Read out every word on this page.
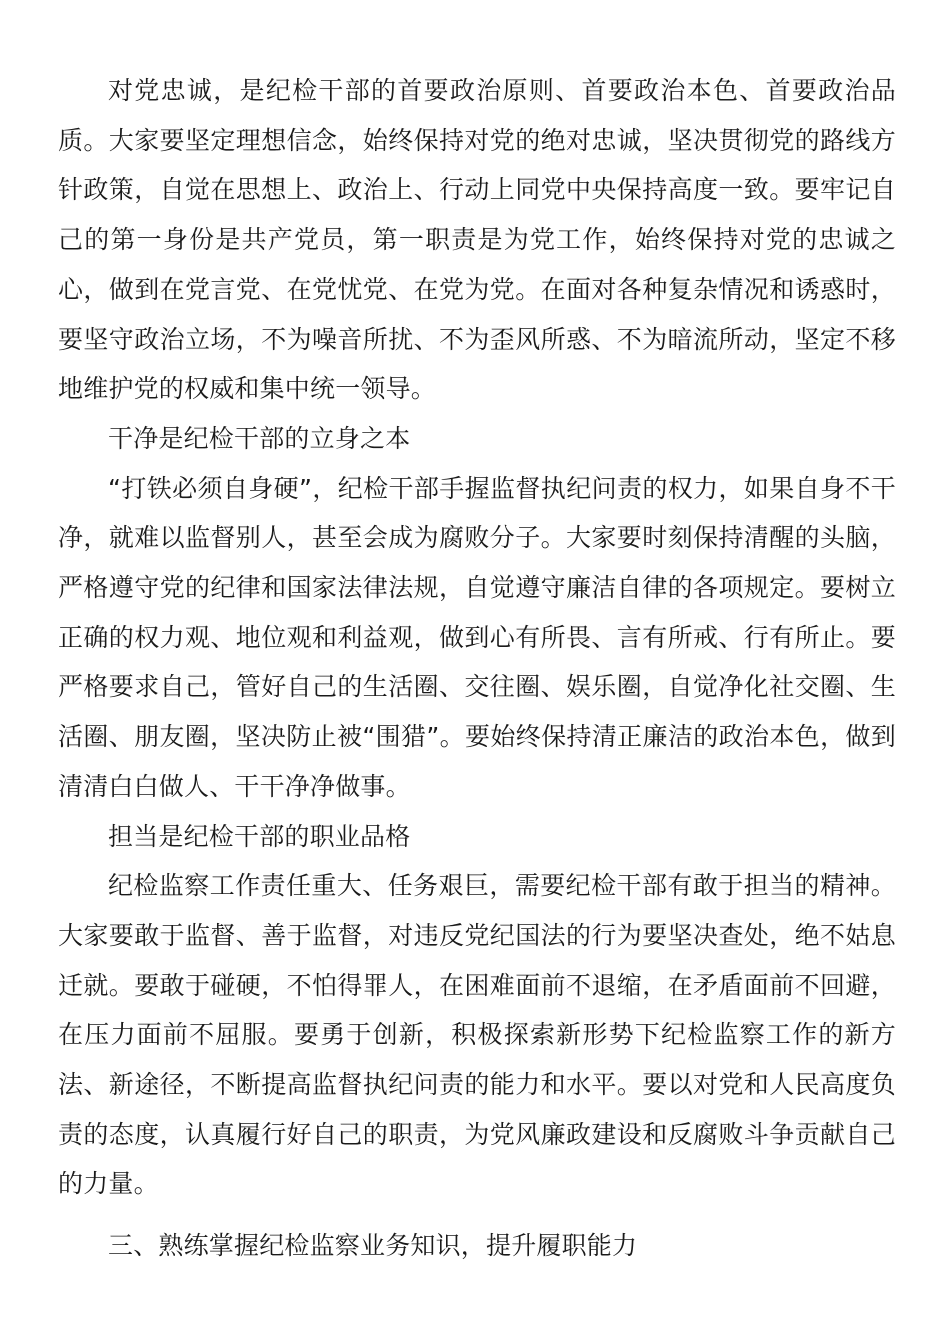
对党忠诚，是纪检干部的首要政治原则、首要政治本色、首要政治品质。大家要坚定理想信念，始终保持对党的绝对忠诚，坚决贯彻党的路线方针政策，自觉在思想上、政治上、行动上同党中央保持高度一致。要牢记自己的第一身份是共产党员，第一职责是为党工作，始终保持对党的忠诚之心，做到在党言党、在党忧党、在党为党。在面对各种复杂情况和诱惑时，要坚守政治立场，不为噪音所扰、不为歪风所惑、不为暗流所动，坚定不移地维护党的权威和集中统一领导。

干净是纪检干部的立身之本

“打铁必须自身硬”，纪检干部手握监督执纪问责的权力，如果自身不干净，就难以监督别人，甚至会成为腐败分子。大家要时刻保持清醒的头脑，严格遵守党的纪律和国家法律法规，自觉遵守廉洁自律的各项规定。要树立正确的权力观、地位观和利益观，做到心有所畏、言有所戒、行有所止。要严格要求自己，管好自己的生活圈、交往圈、娱乐圈，自觉净化社交圈、生活圈、朋友圈，坚决防止被“围猎”。要始终保持清正廉洁的政治本色，做到清清白白做人、干干净净做事。

担当是纪检干部的职业品格

纪检监察工作责任重大、任务艰巨，需要纪检干部有敢于担当的精神。大家要敢于监督、善于监督，对违反党纪国法的行为要坚决查处，绝不姑息迁就。要敢于碰硬，不怕得罪人，在困难面前不退缩，在矛盾面前不回避，在压力面前不屈服。要勇于创新，积极探索新形势下纪检监察工作的新方法、新途径，不断提高监督执纪问责的能力和水平。要以对党和人民高度负责的态度，认真履行好自己的职责，为党风廉政建设和反腐败斗争贡献自己的力量。

三、熟练掌握纪检监察业务知识，提升履职能力
